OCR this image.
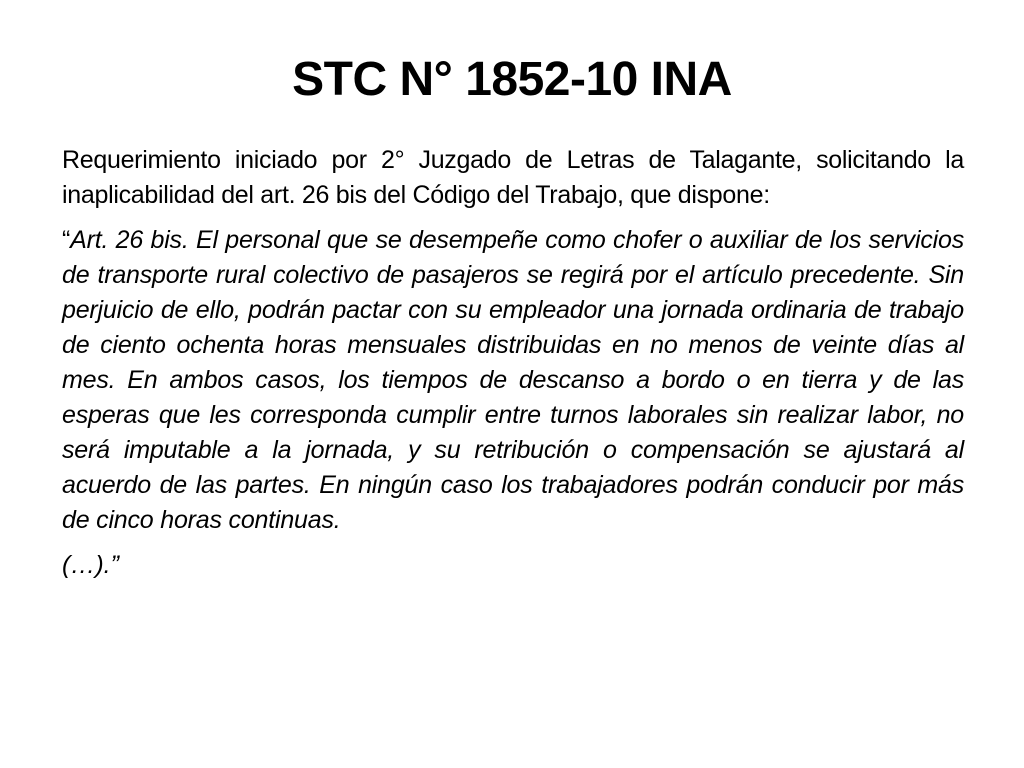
STC N° 1852-10 INA

Requerimiento iniciado por 2° Juzgado de Letras de Talagante, solicitando la inaplicabilidad del art. 26 bis del Código del Trabajo, que dispone:

“Art. 26 bis. El personal que se desempeñe como chofer o auxiliar de los servicios de transporte rural colectivo de pasajeros se regirá por el artículo precedente. Sin perjuicio de ello, podrán pactar con su empleador una jornada ordinaria de trabajo de ciento ochenta horas mensuales distribuidas en no menos de veinte días al mes. En ambos casos, los tiempos de descanso a bordo o en tierra y de las esperas que les corresponda cumplir entre turnos laborales sin realizar labor, no será imputable a la jornada, y su retribución o compensación se ajustará al acuerdo de las partes. En ningún caso los trabajadores podrán conducir por más de cinco horas continuas.

(…).”
